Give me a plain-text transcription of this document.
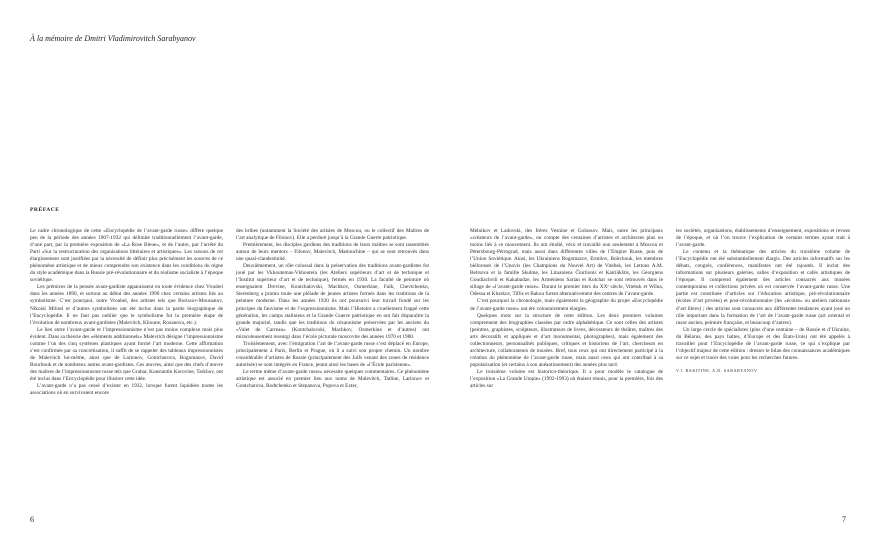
À la mémoire de Dmitri Vladimirovitch Sarabyanov
PRÉFACE

Le cadre chronologique de cette «Encyclopédie de l’avant-garde russe» diffère quelque peu de la période des années 1907-1932 qui délimite traditionnellement l’avant-garde, d’une part, par la première exposition de «La Rose Bleue», et de l’autre, par l’arrêté du Parti «Sur la restructuration des organisations littéraires et artistiques». Les raisons de cet élargissement sont justifiées par la nécessité de définir plus précisément les sources de ce phénomène artistique et de mieux comprendre son existence dans les conditions du règne du style académique dans la Russie pré-révolutionnaire et du réalisme socialiste à l’époque soviétique.

Les prémices de la pensée avant-gardiste apparaissent en toute évidence chez Vroubel dans les années 1890, et surtout au début des années 1990 chez certains artistes liés au symbolisme. C’est pourquoi, outre Vroubel, des artistes tels que Borissov-Moussatov, Nikolaï Milioti et d’autres symbolistes ont été inclus dans la partie biographique de l’Encyclopédie. Il ne faut pas oublier que le symbolisme fut la première étape de l’évolution de nombreux avant-gardistes (Malevitch, Klioune, Rozanova, etc.).

Le lien entre l’avant-garde et l’impressionnisme n’est pas moins complexe mais plus évident. Dans sa théorie des «éléments additionnels» Malevitch désigne l’impressionnisme comme l’un des cinq systèmes plastiques ayant formé l’art moderne. Cette affirmation s’est confirmée par sa concrétisation, il suffit de se rappeler des tableaux impressionnistes de Malevitch lui-même, ainsi que de Larionov, Gontcharova, Bogomazov, David Bourliouk et de nombreux autres avant-gardistes. Ces œuvres, ainsi que des chefs d’œuvre des maîtres de l’impressionnisme russe tels que Grabar, Konstantin Korovine, Tarkhov, ont été inclus dans l’Encyclopédie pour illustrer cette idée.

L’avant-garde n’a pas cessé d’exister en 1932, lorsque furent liquidées toutes les associations où en survivaient encore

des bribes (notamment la Société des artistes de Moscou, ou le collectif des Maîtres de l’art analytique de Filonov). Elle a perduré jusqu’à la Grande Guerre patriotique.

Premièrement, les disciples gardiens des traditions de leurs maîtres se sont rassemblés autour de leurs mentors – Filonov, Malevitch, Matiouchine – qui se sont retrouvés dans une quasi-clandestinité.

Deuxièmement, un rôle colossal dans la préservation des traditions avant-gardistes fut joué par les Vkhoutemas-Vkhoutein (les Ateliers supérieurs d’art et de technique et l’Institut supérieur d’art et de technique), fermés en 1930. La faculté de peinture où enseignaient Drevine, Kontchalovski, Machkov, Osmerkine, Falk, Chevtchenko, Sterenberg a promu toute une pléiade de jeunes artistes formés dans les traditions de la peinture moderne. Dans les années 1930 ils ont poursuivi leur travail fondé sur les principes du fauvisme et de l’expressionnisme. Mais l’Histoire a cruellement frappé cette génération, les camps staliniens et la Grande Guerre patriotique en ont fait disparaître la grande majorité, tandis que les traditions du cézannisme préservées par les anciens du «Valet de Carreau» (Kontchalovski, Machkov, Osmerkine et d’autres) ont miraculeusement ressurgi dans l’école picturale moscovite des années 1970 et 1980.

Troisièmement, avec l’émigration l’art de l’avant-garde russe s’est déplacé en Europe, principalement à Paris, Berlin et Prague, où il a suivi son propre chemin. Un nombre considérable d’artistes de Russie (principalement des Juifs venant des zones de résidence autorisée) se sont intégrés en France, jetant ainsi les bases de «l’École parisienne».

Le terme même d’avant-garde russe» nécessite quelques commentaires. Ce phénomène artistique est associé en premier lieu aux noms de Malevitch, Tatline, Larionov et Gontcharova, Rodtchenko et Stepanova, Popova et Exter,

Melnikov et Ladovski, des frères Vesnine et Golossov. Mais, outre les principaux «créateurs de l’avant-garde», on compte des centaines d’artistes et architectes plus ou moins liés à ce mouvement. Ils ont étudié, vécu et travaillé non seulement à Moscou et Pétersbourg-Pétrograd, mais aussi dans différentes villes de l’Empire Russe, puis de l’Union Soviétique. Ainsi, les Ukrainiens Bogomazov, Ermilov, Boïtchouk, les membres biéloruses de l’Unovis (les Champions du Nouvel Art) de Vitebsk, les Lettons A.M. Beltsova et la famille Skulme, les Lituaniens Čiurlionis et Kairiūkštis, les Géorgiens Goudiachvili et Kakabadze, les Arméniens Sarian et Kotchar se sont retrouvés dans le sillage de «l’avant-garde russe». Durant le premier tiers du XXᵉ siècle, Vitebsk et Wilna, Odessa et Kharkov, Tiflis et Bakou furent alternativement des centres de l’avant-garde.

C’est pourquoi la chronologie, mais également la géographie du projet «Encyclopédie de l’avant-garde russe» ont été volontairement élargies.

Quelques mots sur la structure de cette édition. Les deux premiers volumes comprennent des biographies classées par ordre alphabétique. Ce sont celles des artistes (peintres, graphistes, sculpteurs, illustrateurs de livres, décorateurs de théâtre, maîtres des arts décoratifs et appliqués et d’art monumental, photographes), mais également des collectionneurs, personnalités publiques, critiques et historiens de l’art, chercheurs en architecture, collaborateurs de musées. Bref, tous ceux qui ont directement participé à la création du phénomène de l’avant-garde russe, mais aussi ceux qui ont contribué à sa popularisation (et certains à son anéantissement) des années plus tard.

Le troisième volume est historico-théorique. Il a pour modèle le catalogue de l’exposition «La Grande Utopie» (1992-1993) où étaient réunis, pour la première, fois des articles sur

les sociétés, organisations, établissements d’enseignement, expositions et revues de l’époque, et où l’on trouve l’explication de certains termes ayant trait à l’avant-garde.

Le contenu et la thématique des articles du troisième volume de l’Encyclopédie ont été substantiellement élargis. Des articles informatifs sur les débats, congrès, conférences, manifestes ont été rajoutés. Il inclut des informations sur plusieurs galeries, salles d’exposition et cafés artistiques de l’époque. Il comprend également des articles consacrés aux musées contemporains et collections privées où est conservée l’avant-garde russe. Une partie est constituée d’articles sur l’éducation artistique, pré-révolutionnaire (écoles d’art privées) et post-révolutionnaire (les «écoles» ou ateliers nationaux d’art libres) ; des articles sont consacrés aux différentes tendances ayant joué un rôle important dans la formation de l’art de l’avant-garde russe (art oriental et russe ancien, peinture française, et beaucoup d’autres).

Un large cercle de spécialistes (plus d’une centaine – de Russie et d’Ukraine, du Bélarus, des pays baltes, d’Europe et des États-Unis) ont été appelés à travailler pour l’Encyclopédie de l’avant-garde russe, ce qui s’explique par l’objectif majeur de cette édition : dresser le bilan des connaissances académiques sur ce sujet et tracer des voies pour les recherches futures.

V.I. RAKITINE, A.D. SARABYANOV

6	7
